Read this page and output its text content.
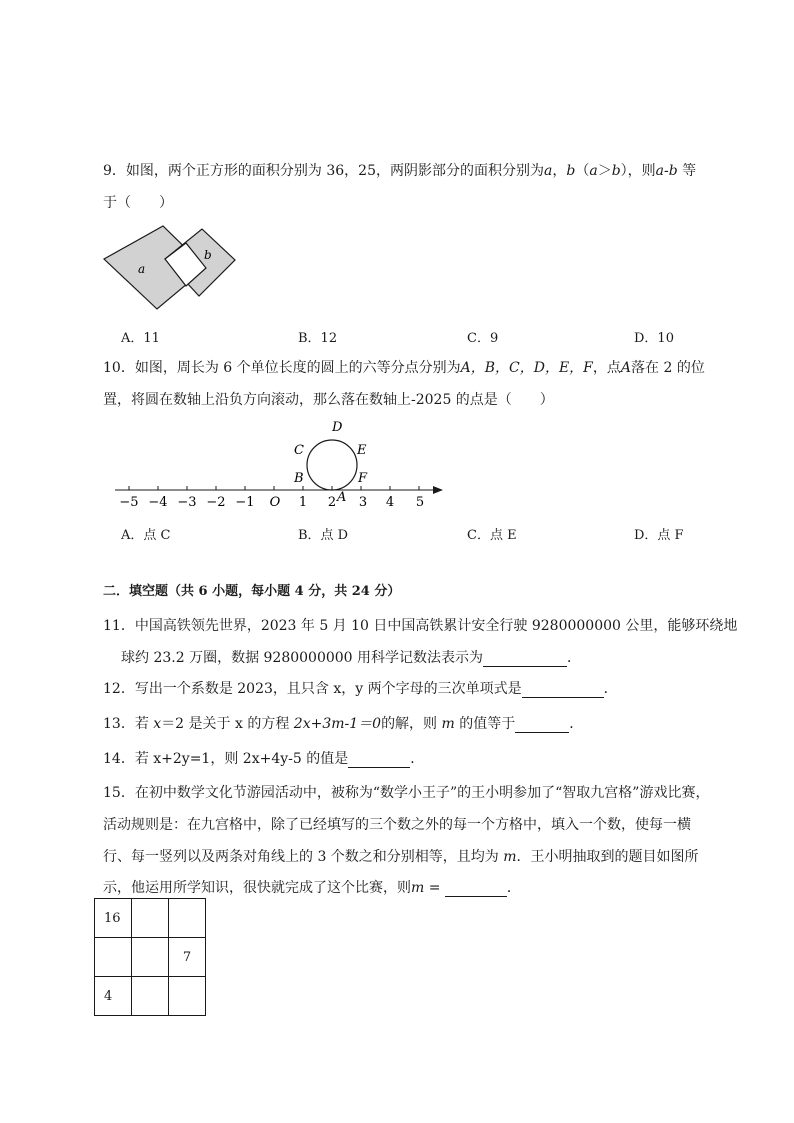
9．如图，两个正方形的面积分别为 36，25，两阴影部分的面积分别为a，b（a＞b），则a-b 等
于（　　）
a
b
A．11	B．12	C．9	D．10
10．如图，周长为 6 个单位长度的圆上的六等分点分别为A，B，C，D，E，F，点A落在 2 的位
置，将圆在数轴上沿负方向滚动，那么落在数轴上-2025 的点是（　　）
−5 −4 −3 −2 −1 O 1 2 3 4 5
C
D
E
B	F
A
A．点 C	B．点 D	C．点 E	D．点 F
二．填空题（共 6 小题，每小题 4 分，共 24 分）
11．中国高铁领先世界，2023 年 5 月 10 日中国高铁累计安全行驶 9280000000 公里，能够环绕地
球约 23.2 万圈，数据 9280000000 用科学记数法表示为	．
12．写出一个系数是 2023，且只含 x，y 两个字母的三次单项式是	．
13．若 x＝2 是关于 x 的方程 2x+3m-1＝0的解，则 m 的值等于	．
14．若 x+2y=1，则 2x+4y-5 的值是	．
15．在初中数学文化节游园活动中，被称为“数学小王子”的王小明参加了“智取九宫格”游戏比赛，
活动规则是：在九宫格中，除了已经填写的三个数之外的每一个方格中，填入一个数，使每一横
行、每一竖列以及两条对角线上的 3 个数之和分别相等，且均为 m．王小明抽取到的题目如图所
示，他运用所学知识，很快就完成了这个比赛，则m =	．
16		
		7
4		
